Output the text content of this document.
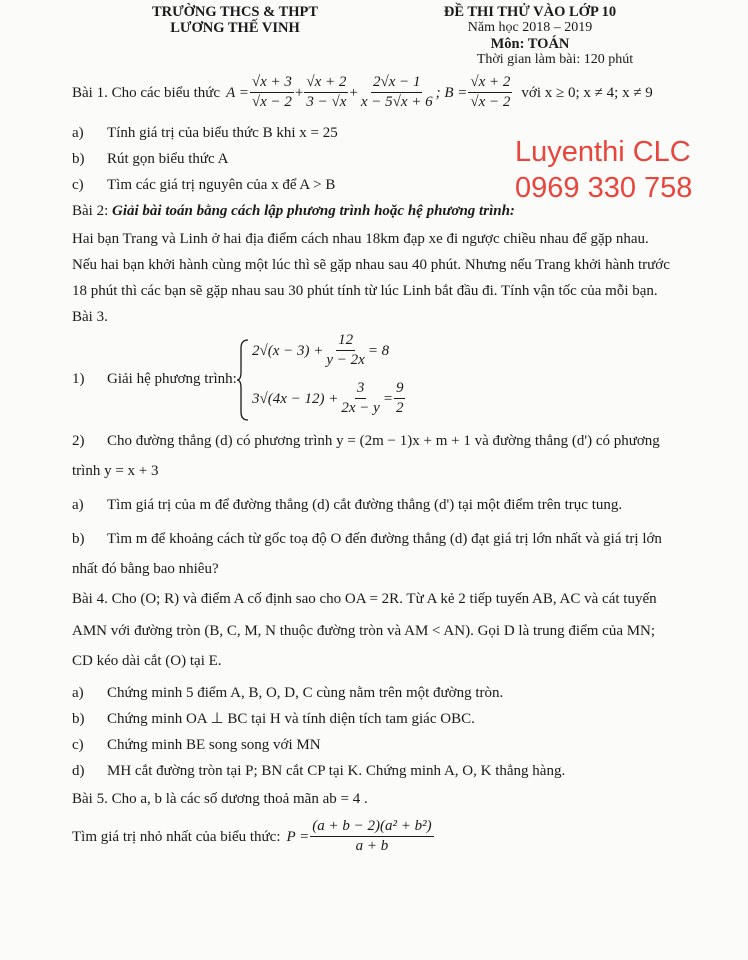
TRƯỜNG THCS & THPT
LƯƠNG THẾ VINH
ĐỀ THI THỬ VÀO LỚP 10
Năm học 2018 – 2019
Môn: TOÁN
Thời gian làm bài: 120 phút
Luyenthi CLC
0969 330 758
Bài 1. Cho các biểu thức $A = \frac{√x + 3}{√x - 2} + \frac{√x + 2}{3 - √x} + \frac{2√x - 1}{x - 5√x + 6}$ ; $B = \frac{√x + 2}{√x - 2}$ với x ≥ 0; x ≠ 4; x ≠ 9
a) Tính giá trị của biểu thức B khi x = 25
b) Rút gọn biểu thức A
c) Tìm các giá trị nguyên của x để A > B
Bài 2: Giải bài toán bằng cách lập phương trình hoặc hệ phương trình:
Hai bạn Trang và Linh ở hai địa điểm cách nhau 18km đạp xe đi ngược chiều nhau để gặp nhau.
Nếu hai bạn khởi hành cùng một lúc thì sẽ gặp nhau sau 40 phút. Nhưng nếu Trang khởi hành trước
18 phút thì các bạn sẽ gặp nhau sau 30 phút tính từ lúc Linh bắt đầu đi. Tính vận tốc của mỗi bạn.
Bài 3.
1) Giải hệ phương trình:
$2√(x - 3) + \frac{12}{y - 2x} = 8$
$3√(4x - 12) + \frac{3}{2x - y} = \frac{9}{2}$
2) Cho đường thẳng (d) có phương trình y = (2m − 1)x + m + 1 và đường thẳng (d') có phương
trình y = x + 3
a) Tìm giá trị của m để đường thẳng (d) cắt đường thẳng (d') tại một điểm trên trục tung.
b) Tìm m để khoảng cách từ gốc toạ độ O đến đường thẳng (d) đạt giá trị lớn nhất và giá trị lớn
nhất đó bằng bao nhiêu?
Bài 4. Cho (O; R) và điểm A cố định sao cho OA = 2R. Từ A kẻ 2 tiếp tuyến AB, AC và cát tuyến
AMN với đường tròn (B, C, M, N thuộc đường tròn và AM < AN). Gọi D là trung điểm của MN;
CD kéo dài cắt (O) tại E.
a) Chứng minh 5 điểm A, B, O, D, C cùng nằm trên một đường tròn.
b) Chứng minh OA ⊥ BC tại H và tính diện tích tam giác OBC.
c) Chứng minh BE song song với MN
d) MH cắt đường tròn tại P; BN cắt CP tại K. Chứng minh A, O, K thẳng hàng.
Bài 5. Cho a, b là các số dương thoả mãn ab = 4 .
Tìm giá trị nhỏ nhất của biểu thức: $P = \frac{\text{(a + b − 2)(a² + b²)}}{a + b}$
